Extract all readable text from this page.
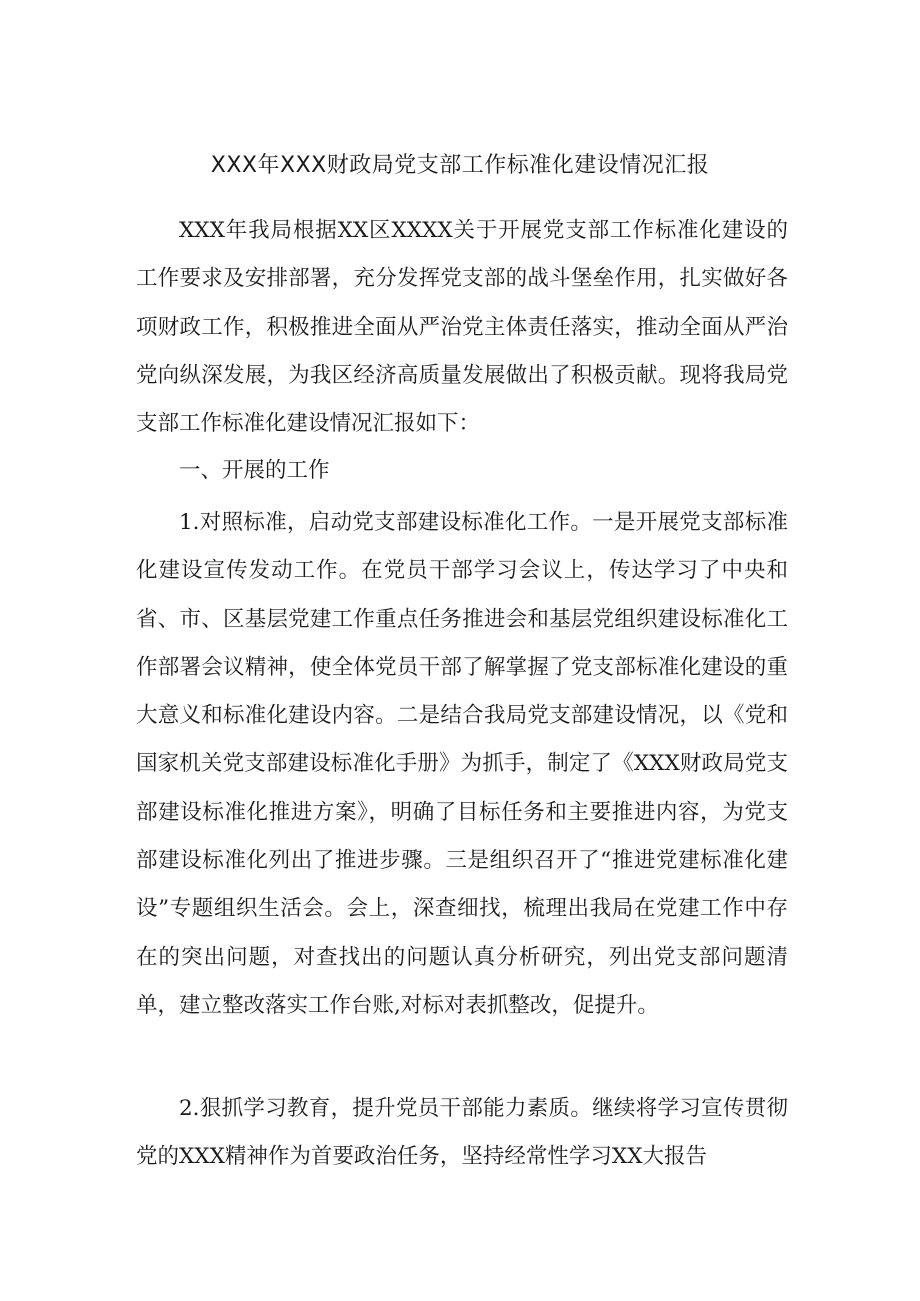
XXX年XXX财政局党支部工作标准化建设情况汇报

XXX年我局根据XX区XXXX关于开展党支部工作标准化建设的工作要求及安排部署，充分发挥党支部的战斗堡垒作用，扎实做好各项财政工作，积极推进全面从严治党主体责任落实，推动全面从严治党向纵深发展，为我区经济高质量发展做出了积极贡献。现将我局党支部工作标准化建设情况汇报如下：

一、开展的工作

1.对照标准，启动党支部建设标准化工作。一是开展党支部标准化建设宣传发动工作。在党员干部学习会议上，传达学习了中央和省、市、区基层党建工作重点任务推进会和基层党组织建设标准化工作部署会议精神，使全体党员干部了解掌握了党支部标准化建设的重大意义和标准化建设内容。二是结合我局党支部建设情况，以《党和国家机关党支部建设标准化手册》为抓手，制定了《XXX财政局党支部建设标准化推进方案》，明确了目标任务和主要推进内容，为党支部建设标准化列出了推进步骤。三是组织召开了“推进党建标准化建设”专题组织生活会。会上，深查细找，梳理出我局在党建工作中存在的突出问题，对查找出的问题认真分析研究，列出党支部问题清单，建立整改落实工作台账,对标对表抓整改，促提升。

2.狠抓学习教育，提升党员干部能力素质。继续将学习宣传贯彻党的XXX精神作为首要政治任务，坚持经常性学习XX大报告
